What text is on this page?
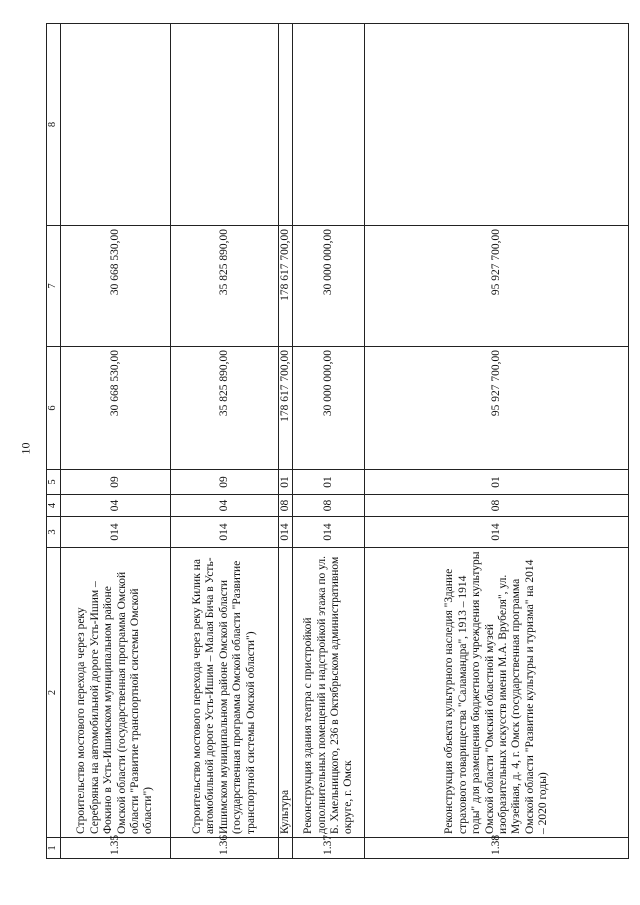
10
1	2	3	4	5	6	7	8
1.35	Строительство мостового перехода через реку Серебрянка на автомобильной дороге Усть-Ишим – Фокино в Усть-Ишимском муниципальном районе Омской области (государственная программа Омской области "Развитие транспортной системы Омской области")	014	04	09	30 668 530,00	30 668 530,00	
1.36	Строительство мостового перехода через реку Килик на автомобильной дороге Усть-Ишим – Малая Бича в Усть-Ишимском муниципальном районе Омской области (государственная программа Омской области "Развитие транспортной системы Омской области")	014	04	09	35 825 890,00	35 825 890,00	
	Культура	014	08	01	178 617 700,00	178 617 700,00	
1.37	Реконструкция здания театра с пристройкой дополнительных помещений и надстройкой этажа по ул. Б. Хмельницкого, 236 в Октябрьском административном округе, г. Омск	014	08	01	30 000 000,00	30 000 000,00	
1.38	Реконструкция объекта культурного наследия "Здание страхового товарищества "Саламандра", 1913 – 1914 годы" для размещения бюджетного учреждения культуры Омской области "Омский областной музей изобразительных искусств имени М.А. Врубеля", ул. Музейная, д. 4, г. Омск (государственная программа Омской области "Развитие культуры и туризма" на 2014 – 2020 годы)	014	08	01	95 927 700,00	95 927 700,00	
